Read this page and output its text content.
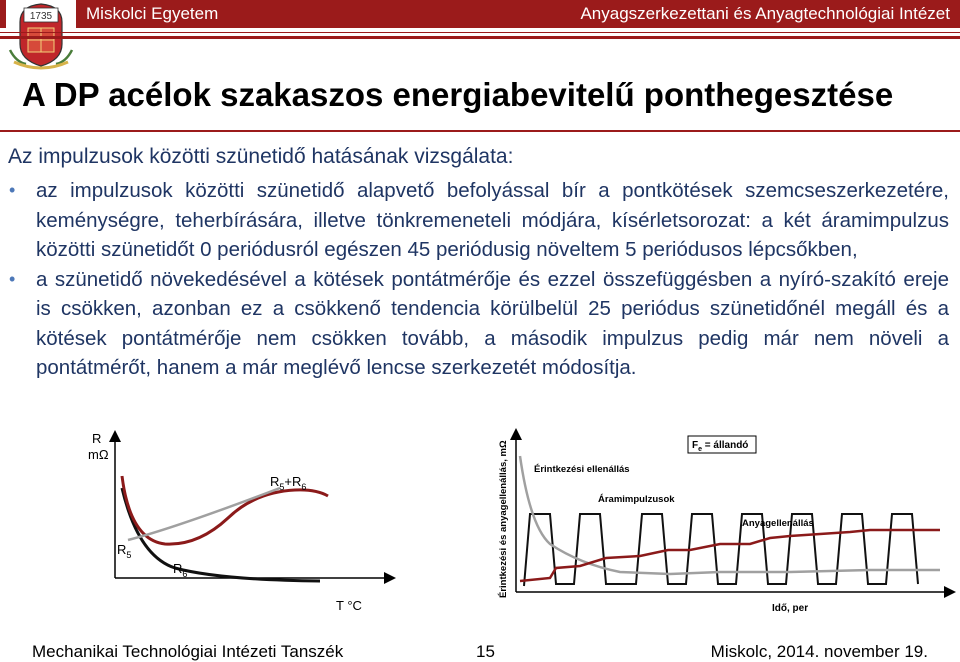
Miskolci Egyetem	Anyagszerkezettani és Anyagtechnológiai Intézet
1735
A DP acélok szakaszos energiabevitelű ponthegesztése
Az impulzusok közötti szünetidő hatásának vizsgálata:
• az impulzusok közötti szünetidő alapvető befolyással bír a pontkötések szemcseszerkezetére, keménységre, teherbírására, illetve tönkremeneteli módjára, kísérletsorozat: a két áramimpulzus közötti szünetidőt 0 periódusról egészen 45 periódusig növeltem 5 periódusos lépcsőkben,
• a szünetidő növekedésével a kötések pontátmérője és ezzel összefüggésben a nyíró-szakító ereje is csökken, azonban ez a csökkenő tendencia körülbelül 25 periódus szünetidőnél megáll és a kötések pontátmérője nem csökken tovább, a második impulzus pedig már nem növeli a pontátmérőt, hanem a már meglévő lencse szerkezetét módosítja.
R
mΩ
T °C
$R_5$
$R_6$
$R_5+R_6$	Érintkezési és anyagellenállás, mΩ
Idő, per
$F_e$ = állandó
Érintkezési ellenállás
Áramimpulzusok
Anyagellenállás
Mechanikai Technológiai Intézeti Tanszék	15	Miskolc, 2014. november 19.
